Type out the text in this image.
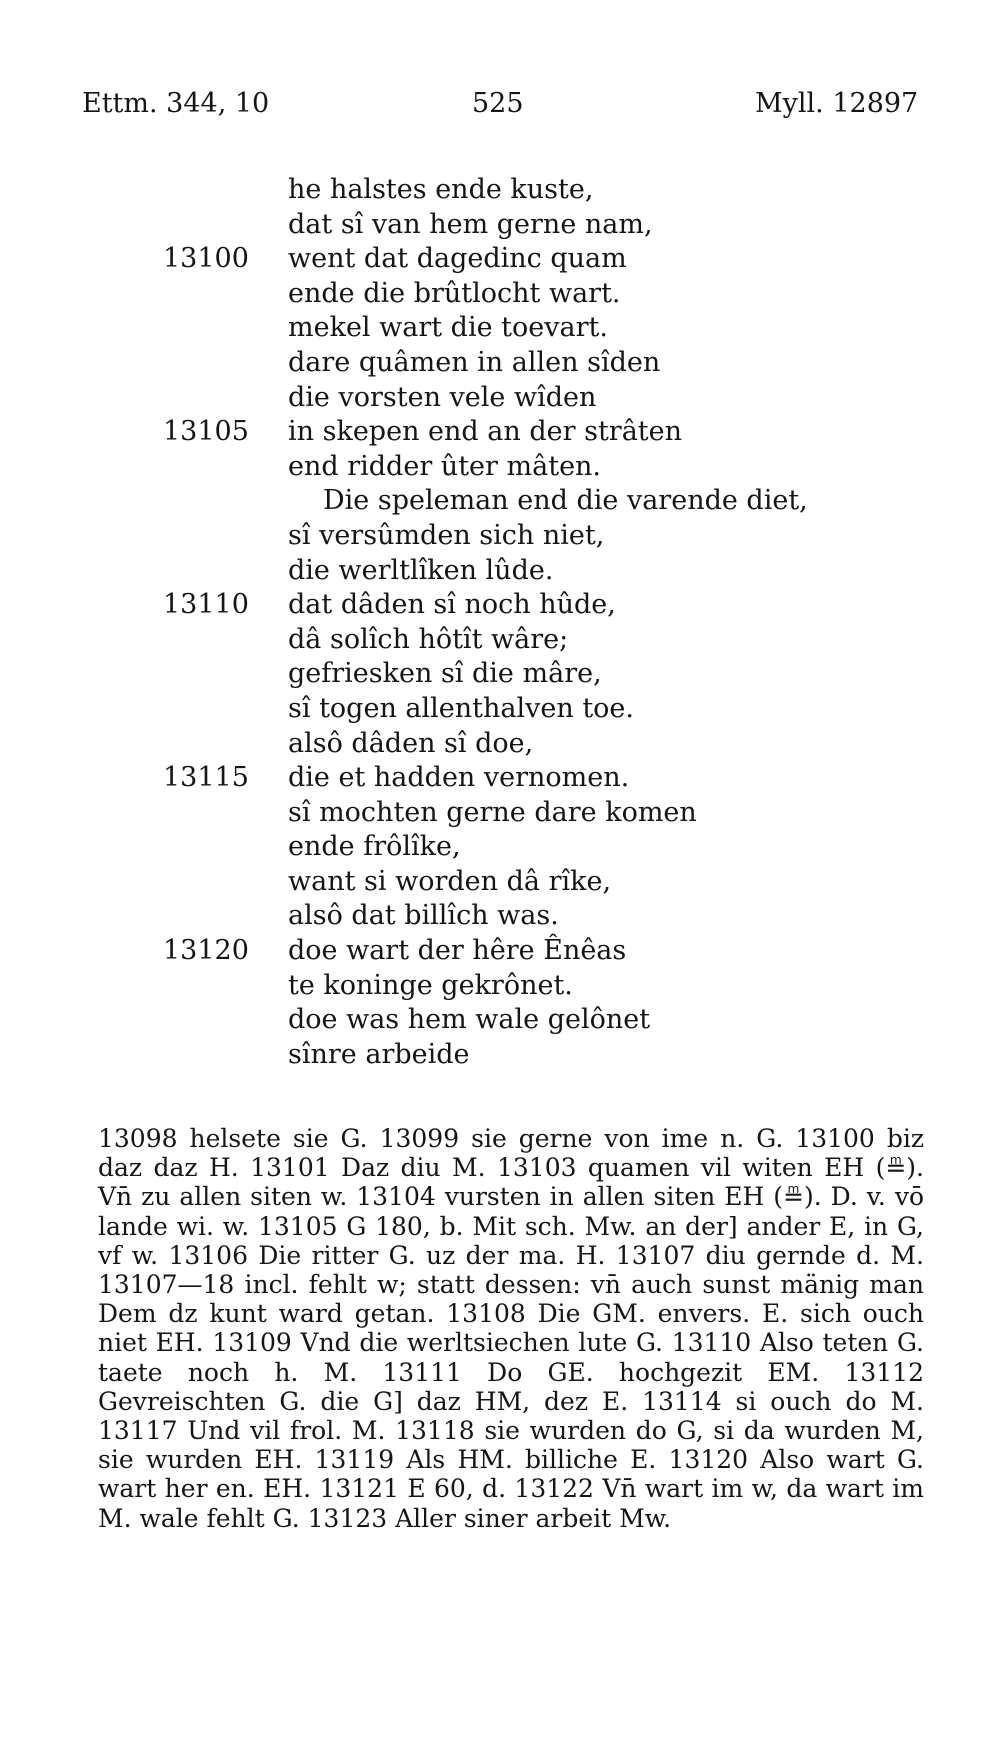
Ettm. 344, 10	525	Myll. 12897
he halstes ende kuste,
dat sî van hem gerne nam,
13100	went dat dagedinc quam
ende die brûtlocht wart.
mekel wart die toevart.
dare quâmen in allen sîden
die vorsten vele wîden
13105	in skepen end an der strâten
end ridder ûter mâten.
Die speleman end die varende diet,
sî versûmden sich niet,
die werltlîken lûde.
13110	dat dâden sî noch hûde,
dâ solîch hôtît wâre;
gefriesken sî die mâre,
sî togen allenthalven toe.
alsô dâden sî doe,
13115	die et hadden vernomen.
sî mochten gerne dare komen
ende frôlîke,
want si worden dâ rîke,
alsô dat billîch was.
13120	doe wart der hêre Ênêas
te koninge gekrônet.
doe was hem wale gelônet
sînre arbeide

13098 helsete sie G. 13099 sie gerne von ime n. G. 13100 biz daz daz H. 13101 Daz diu M. 13103 quamen vil witen EH (≞). Vn̄ zu allen siten w. 13104 vursten in allen siten EH (≞). D. v. vō lande wi. w. 13105 G 180, b. Mit sch. Mw. an der] ander E, in G, vf w. 13106 Die ritter G. uz der ma. H. 13107 diu gernde d. M. 13107—18 incl. fehlt w; statt dessen: vn̄ auch sunst mänig man Dem dz kunt ward getan. 13108 Die GM. envers. E. sich ouch niet EH. 13109 Vnd die werltsiechen lute G. 13110 Also teten G. taete noch h. M. 13111 Do GE. hochgezit EM. 13112 Gevreischten G. die G] daz HM, dez E. 13114 si ouch do M. 13117 Und vil frol. M. 13118 sie wurden do G, si da wurden M, sie wurden EH. 13119 Als HM. billiche E. 13120 Also wart G. wart her en. EH. 13121 E 60, d. 13122 Vn̄ wart im w, da wart im M. wale fehlt G. 13123 Aller siner arbeit Mw.
